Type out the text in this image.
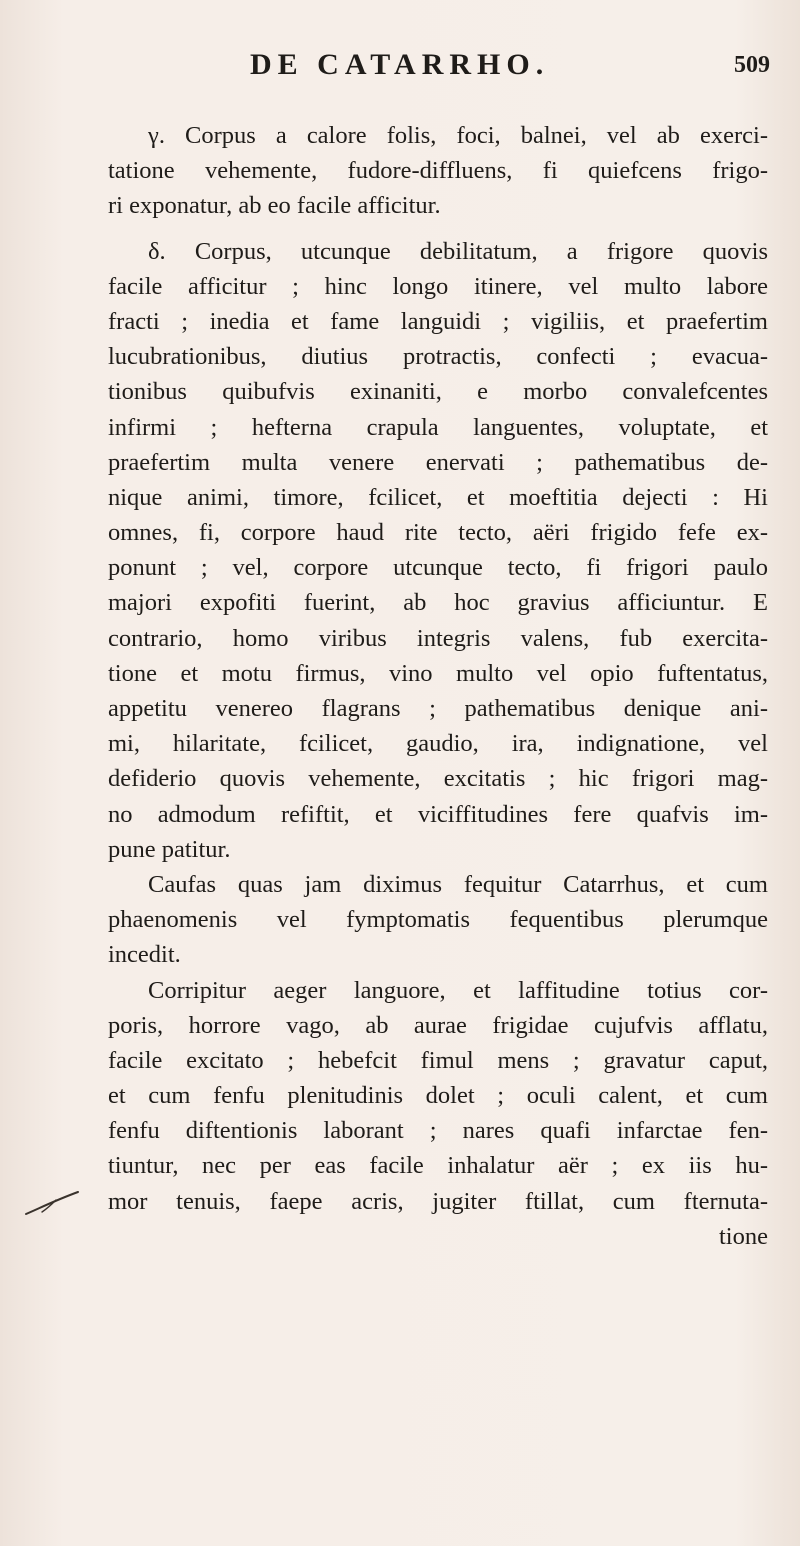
DE CATARRHO.	509
γ. Corpus a calore folis, foci, balnei, vel ab exerci-
tatione vehemente, fudore-diffluens, fi quiefcens frigo-
ri exponatur, ab eo facile afficitur.
δ. Corpus, utcunque debilitatum, a frigore quovis
facile afficitur ; hinc longo itinere, vel multo labore
fracti ; inedia et fame languidi ; vigiliis, et praefertim
lucubrationibus, diutius protractis, confecti ; evacua-
tionibus quibufvis exinaniti, e morbo convalefcentes
infirmi ; hefterna crapula languentes, voluptate, et
praefertim multa venere enervati ; pathematibus de-
nique animi, timore, fcilicet, et moeftitia dejecti : Hi
omnes, fi, corpore haud rite tecto, aëri frigido fefe ex-
ponunt ; vel, corpore utcunque tecto, fi frigori paulo
majori expofiti fuerint, ab hoc gravius afficiuntur. E
contrario, homo viribus integris valens, fub exercita-
tione et motu firmus, vino multo vel opio fuftentatus,
appetitu venereo flagrans ; pathematibus denique ani-
mi, hilaritate, fcilicet, gaudio, ira, indignatione, vel
defiderio quovis vehemente, excitatis ; hic frigori mag-
no admodum refiftit, et viciffitudines fere quafvis im-
pune patitur.
Caufas quas jam diximus fequitur Catarrhus, et cum
phaenomenis vel fymptomatis fequentibus plerumque
incedit.
Corripitur aeger languore, et laffitudine totius cor-
poris, horrore vago, ab aurae frigidae cujufvis afflatu,
facile excitato ; hebefcit fimul mens ; gravatur caput,
et cum fenfu plenitudinis dolet ; oculi calent, et cum
fenfu diftentionis laborant ; nares quafi infarctae fen-
tiuntur, nec per eas facile inhalatur aër ; ex iis hu-
mor tenuis, faepe acris, jugiter ftillat, cum fternuta-
tione
